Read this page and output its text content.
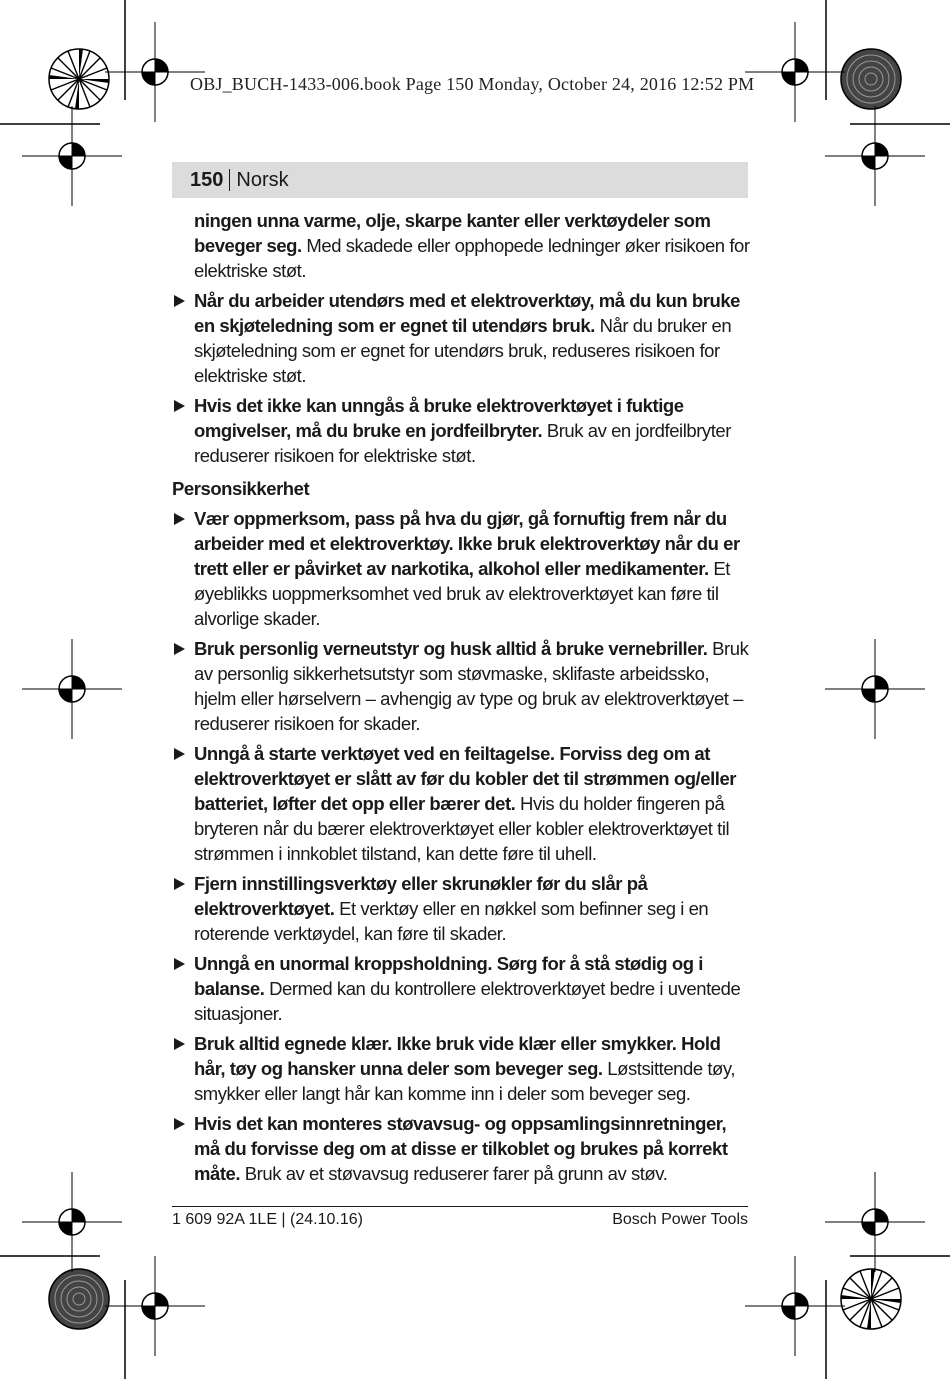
OBJ_BUCH-1433-006.book Page 150 Monday, October 24, 2016 12:52 PM
150 Norsk

ningen unna varme, olje, skarpe kanter eller verktøydeler som beveger seg. Med skadede eller opphopede ledninger øker risikoen for elektriske støt.

Når du arbeider utendørs med et elektroverktøy, må du kun bruke en skjøteledning som er egnet til utendørs bruk. Når du bruker en skjøteledning som er egnet for utendørs bruk, reduseres risikoen for elektriske støt.
Hvis det ikke kan unngås å bruke elektroverktøyet i fuktige omgivelser, må du bruke en jordfeilbryter. Bruk av en jordfeilbryter reduserer risikoen for elektriske støt.

Personsikkerhet

Vær oppmerksom, pass på hva du gjør, gå fornuftig frem når du arbeider med et elektroverktøy. Ikke bruk elektroverktøy når du er trett eller er påvirket av narkotika, alkohol eller medikamenter. Et øyeblikks uoppmerksomhet ved bruk av elektroverktøyet kan føre til alvorlige skader.
Bruk personlig verneutstyr og husk alltid å bruke vernebriller. Bruk av personlig sikkerhetsutstyr som støvmaske, sklifaste arbeidssko, hjelm eller hørselvern – avhengig av type og bruk av elektroverktøyet – reduserer risikoen for skader.
Unngå å starte verktøyet ved en feiltagelse. Forviss deg om at elektroverktøyet er slått av før du kobler det til strømmen og/eller batteriet, løfter det opp eller bærer det. Hvis du holder fingeren på bryteren når du bærer elektroverktøyet eller kobler elektroverktøyet til strømmen i innkoblet tilstand, kan dette føre til uhell.
Fjern innstillingsverktøy eller skrunøkler før du slår på elektroverktøyet. Et verktøy eller en nøkkel som befinner seg i en roterende verktøydel, kan føre til skader.
Unngå en unormal kroppsholdning. Sørg for å stå stødig og i balanse. Dermed kan du kontrollere elektroverktøyet bedre i uventede situasjoner.
Bruk alltid egnede klær. Ikke bruk vide klær eller smykker. Hold hår, tøy og hansker unna deler som beveger seg. Løstsittende tøy, smykker eller langt hår kan komme inn i deler som beveger seg.
Hvis det kan monteres støvavsug- og oppsamlingsinnretninger, må du forvisse deg om at disse er tilkoblet og brukes på korrekt måte. Bruk av et støvavsug reduserer farer på grunn av støv.
1 609 92A 1LE | (24.10.16)	Bosch Power Tools
